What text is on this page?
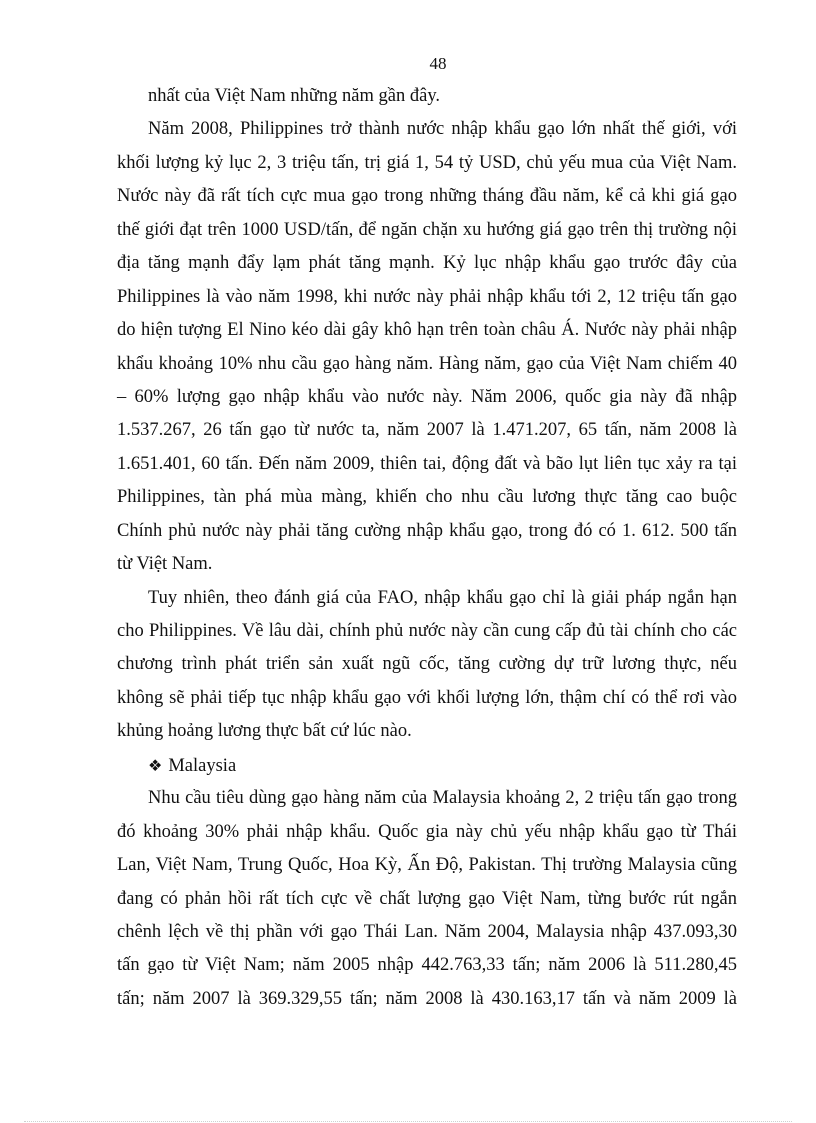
48
nhất của Việt Nam những năm gần đây.
Năm 2008, Philippines trở thành nước nhập khẩu gạo lớn nhất thế giới, với
khối lượng kỷ lục 2, 3 triệu tấn, trị giá 1, 54 tỷ USD, chủ yếu mua của Việt Nam.
Nước này đã rất tích cực mua gạo trong những tháng đầu năm, kể cả khi giá gạo
thế giới đạt trên 1000 USD/tấn, để ngăn chặn xu hướng giá gạo trên thị trường nội
địa tăng mạnh đẩy lạm phát tăng mạnh. Kỷ lục nhập khẩu gạo trước đây của
Philippines là vào năm 1998, khi nước này phải nhập khẩu tới 2, 12 triệu tấn gạo
do hiện tượng El Nino kéo dài gây khô hạn trên toàn châu Á. Nước này phải nhập
khẩu khoảng 10% nhu cầu gạo hàng năm. Hàng năm, gạo của Việt Nam chiếm 40
– 60% lượng gạo nhập khẩu vào nước này. Năm 2006, quốc gia này đã nhập
1.537.267, 26 tấn gạo từ nước ta, năm 2007 là 1.471.207, 65 tấn, năm 2008 là
1.651.401, 60 tấn. Đến năm 2009, thiên tai, động đất và bão lụt liên tục xảy ra tại
Philippines, tàn phá mùa màng, khiến cho nhu cầu lương thực tăng cao buộc
Chính phủ nước này phải tăng cường nhập khẩu gạo, trong đó có 1. 612. 500 tấn
từ Việt Nam.
Tuy nhiên, theo đánh giá của FAO, nhập khẩu gạo chỉ là giải pháp ngắn hạn
cho Philippines. Về lâu dài, chính phủ nước này cần cung cấp đủ tài chính cho các
chương trình phát triển sản xuất ngũ cốc, tăng cường dự trữ lương thực, nếu
không sẽ phải tiếp tục nhập khẩu gạo với khối lượng lớn, thậm chí có thể rơi vào
khủng hoảng lương thực bất cứ lúc nào.
❖ Malaysia
Nhu cầu tiêu dùng gạo hàng năm của Malaysia khoảng 2, 2 triệu tấn gạo trong
đó khoảng 30% phải nhập khẩu. Quốc gia này chủ yếu nhập khẩu gạo từ Thái
Lan, Việt Nam, Trung Quốc, Hoa Kỳ, Ấn Độ, Pakistan. Thị trường Malaysia cũng
đang có phản hồi rất tích cực về chất lượng gạo Việt Nam, từng bước rút ngắn
chênh lệch về thị phần với gạo Thái Lan. Năm 2004, Malaysia nhập 437.093,30
tấn gạo từ Việt Nam; năm 2005 nhập 442.763,33 tấn; năm 2006 là 511.280,45
tấn; năm 2007 là 369.329,55 tấn; năm 2008 là 430.163,17 tấn và năm 2009 là
